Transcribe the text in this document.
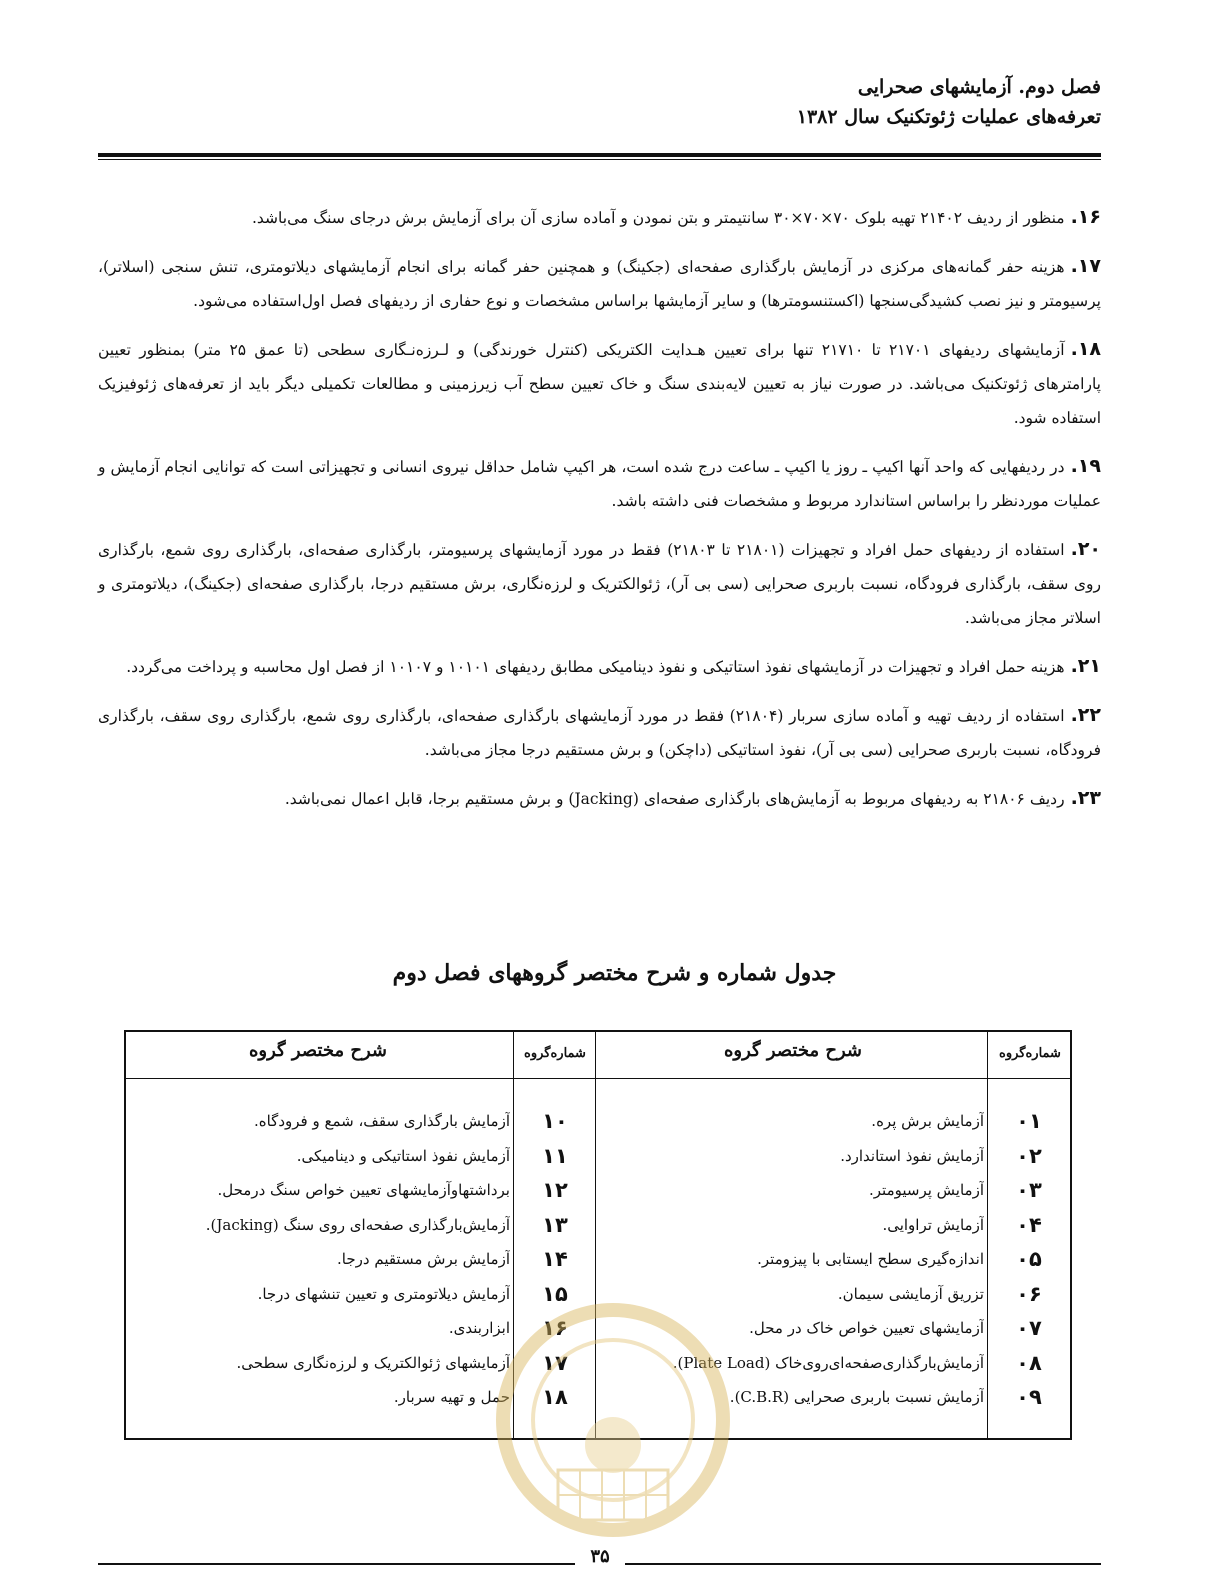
فصل دوم. آزمایشهای صحرایی
تعرفه‌های عملیات ژئوتکنیک سال ۱۳۸۲

۱۶.منظور از ردیف ۲۱۴۰۲ تهیه بلوک ۷۰×۷۰×۳۰ سانتیمتر و بتن نمودن و آماده سازی آن برای آزمایش برش درجای سنگ می‌باشد.

۱۷.هزینه حفر گمانه‌های مرکزی در آزمایش بارگذاری صفحه‌ای (جکینگ) و همچنین حفر گمانه برای انجام آزمایشهای دیلاتومتری، تنش سنجی (اسلاتر)، پرسیومتر و نیز نصب کشیدگی‌سنجها (اکستنسومترها) و سایر آزمایشها براساس مشخصات و نوع حفاری از ردیفهای فصل اول‌استفاده می‌شود.

۱۸.آزمایشهای ردیفهای ۲۱۷۰۱ تا ۲۱۷۱۰ تنها برای تعیین هـدایت الکتریکی (کنترل خورندگی) و لـرزه‌نـگاری سطحی (تا عمق ۲۵ متر) بمنظور تعیین پارامترهای ژئوتکنیک می‌باشد. در صورت نیاز به تعیین لایه‌بندی سنگ و خاک تعیین سطح آب زیرزمینی و مطالعات تکمیلی دیگر باید از تعرفه‌های ژئوفیزیک استفاده شود.

۱۹.در ردیفهایی که واحد آنها اکیپ ـ روز یا اکیپ ـ ساعت درج شده است، هر اکیپ شامل حداقل نیروی انسانی و تجهیزاتی است که توانایی انجام آزمایش و عملیات موردنظر را براساس استاندارد مربوط و مشخصات فنی داشته باشد.

۲۰.استفاده از ردیفهای حمل افراد و تجهیزات (۲۱۸۰۱ تا ۲۱۸۰۳) فقط در مورد آزمایشهای پرسیومتر، بارگذاری صفحه‌ای، بارگذاری روی شمع، بارگذاری روی سقف، بارگذاری فرودگاه، نسبت باربری صحرایی (سی بی آر)، ژئوالکتریک و لرزه‌نگاری، برش مستقیم درجا، بارگذاری صفحه‌ای (جکینگ)، دیلاتومتری و اسلاتر مجاز می‌باشد.

۲۱.هزینه حمل افراد و تجهیزات در آزمایشهای نفوذ استاتیکی و نفوذ دینامیکی مطابق ردیفهای ۱۰۱۰۱ و ۱۰۱۰۷ از فصل اول محاسبه و پرداخت می‌گردد.

۲۲.استفاده از ردیف تهیه و آماده سازی سربار (۲۱۸۰۴) فقط در مورد آزمایشهای بارگذاری صفحه‌ای، بارگذاری روی شمع، بارگذاری روی سقف، بارگذاری فرودگاه، نسبت باربری صحرایی (سی بی آر)، نفوذ استاتیکی (داچکن) و برش مستقیم درجا مجاز می‌باشد.

۲۳.ردیف ۲۱۸۰۶ به ردیفهای مربوط به آزمایش‌های بارگذاری صفحه‌ای (Jacking) و برش مستقیم برجا، قابل اعمال نمی‌باشد.

جدول شماره و شرح مختصر گروههای فصل دوم
شماره‌گروه
شرح مختصر گروه
شماره‌گروه
شرح مختصر گروه
۰۱
آزمایش برش پره.
۰۲
آزمایش نفوذ استاندارد.
۰۳
آزمایش پرسیومتر.
۰۴
آزمایش تراوایی.
۰۵
اندازه‌گیری سطح ایستابی با پیزومتر.
۰۶
تزریق آزمایشی سیمان.
۰۷
آزمایشهای تعیین خواص خاک در محل.
۰۸
آزمایش‌بارگذاری‌صفحه‌ای‌روی‌خاک (Plate Load).
۰۹
آزمایش نسبت باربری صحرایی (C.B.R).
۱۰
آزمایش بارگذاری سقف، شمع و فرودگاه.
۱۱
آزمایش نفوذ استاتیکی و دینامیکی.
۱۲
برداشتهاوآزمایشهای تعیین خواص سنگ درمحل.
۱۳
آزمایش‌بارگذاری صفحه‌ای روی سنگ (Jacking).
۱۴
آزمایش برش مستقیم درجا.
۱۵
آزمایش دیلاتومتری و تعیین تنشهای درجا.
۱۶
ابزاربندی.
۱۷
آزمایشهای ژئوالکتریک و لرزه‌نگاری سطحی.
۱۸
حمل و تهیه سربار.
۳۵
